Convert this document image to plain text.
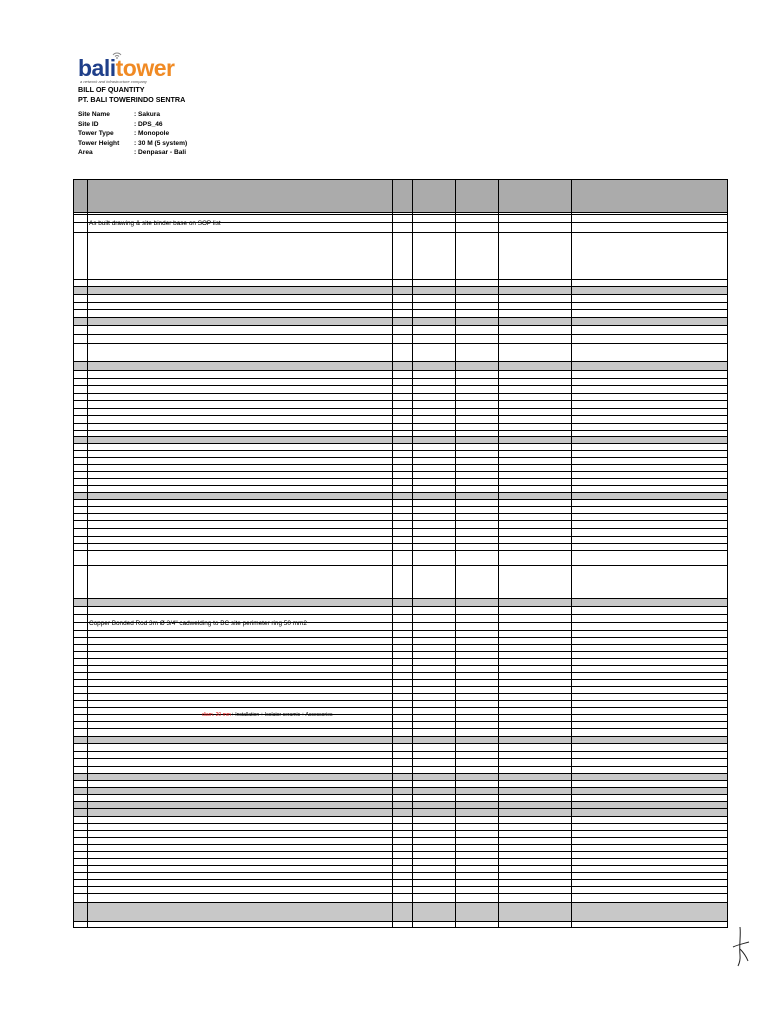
balitower
a network and infrastructure company
BILL OF QUANTITY
PT. BALI TOWERINDO SENTRA
Site Name	: Sakura
Site ID	: DPS_46
Tower Type	: Monopole
Tower Height : 30 M (5 system)
Area	: Denpasar - Bali
As built drawing & site binder base on SOP list
Copper Bonded Rod 3m Ø 3/4" cadwelding to BC site perimeter ring 50 mm2
diam. 20 mm+ Installation + Isolator ceramic + Accessories
